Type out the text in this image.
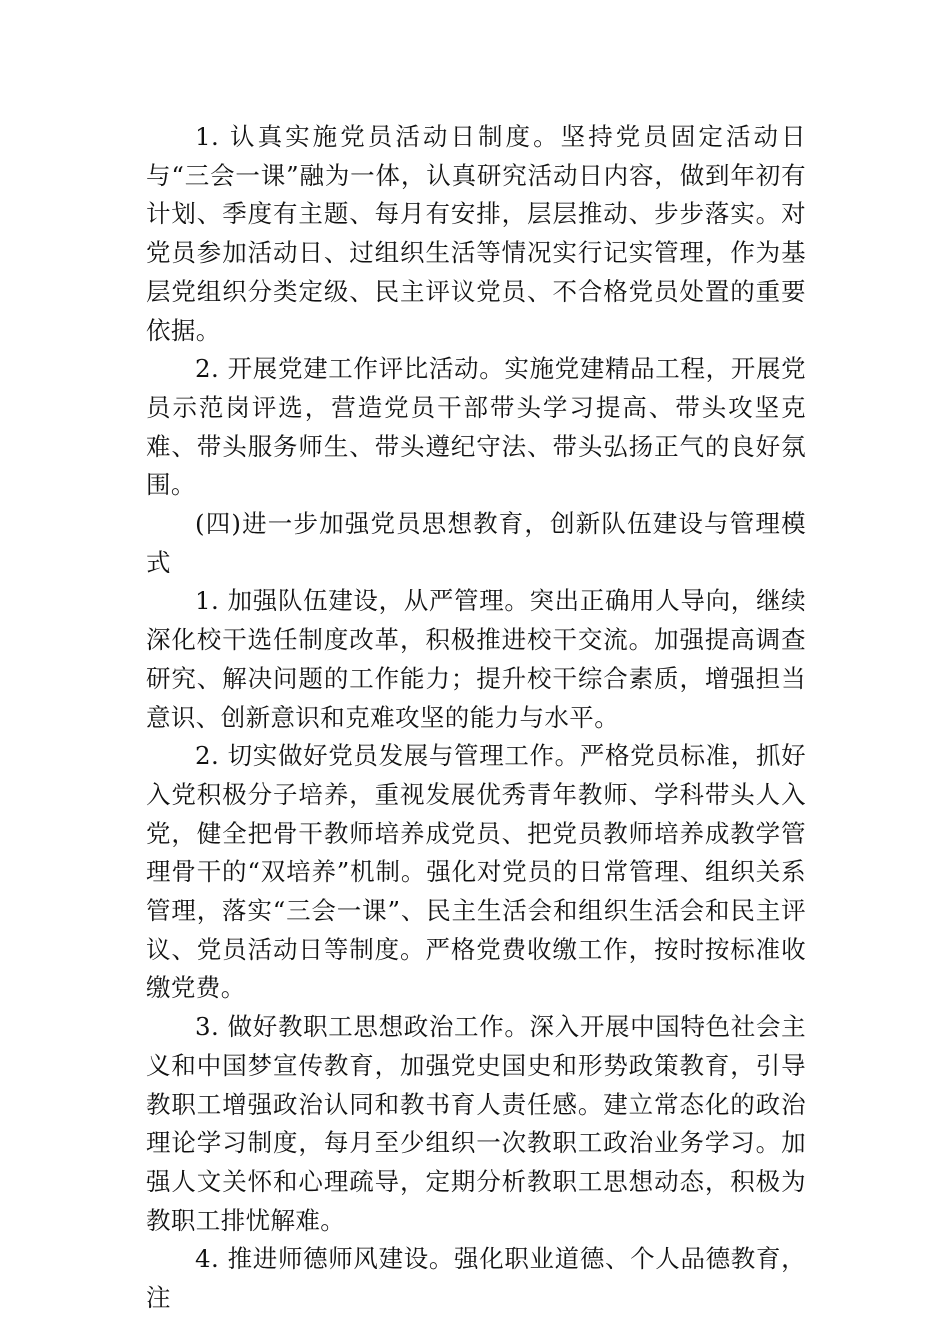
1. 认真实施党员活动日制度。坚持党员固定活动日与“三会一课”融为一体，认真研究活动日内容，做到年初有计划、季度有主题、每月有安排，层层推动、步步落实。对党员参加活动日、过组织生活等情况实行记实管理，作为基层党组织分类定级、民主评议党员、不合格党员处置的重要依据。

2. 开展党建工作评比活动。实施党建精品工程，开展党员示范岗评选，营造党员干部带头学习提高、带头攻坚克难、带头服务师生、带头遵纪守法、带头弘扬正气的良好氛围。

(四)进一步加强党员思想教育，创新队伍建设与管理模式

1. 加强队伍建设，从严管理。突出正确用人导向，继续深化校干选任制度改革，积极推进校干交流。加强提高调查研究、解决问题的工作能力；提升校干综合素质，增强担当意识、创新意识和克难攻坚的能力与水平。

2. 切实做好党员发展与管理工作。严格党员标准，抓好入党积极分子培养，重视发展优秀青年教师、学科带头人入党，健全把骨干教师培养成党员、把党员教师培养成教学管理骨干的“双培养”机制。强化对党员的日常管理、组织关系管理，落实“三会一课”、民主生活会和组织生活会和民主评议、党员活动日等制度。严格党费收缴工作，按时按标准收缴党费。

3. 做好教职工思想政治工作。深入开展中国特色社会主义和中国梦宣传教育，加强党史国史和形势政策教育，引导教职工增强政治认同和教书育人责任感。建立常态化的政治理论学习制度，每月至少组织一次教职工政治业务学习。加强人文关怀和心理疏导，定期分析教职工思想动态，积极为教职工排忧解难。

4. 推进师德师风建设。强化职业道德、个人品德教育，注
